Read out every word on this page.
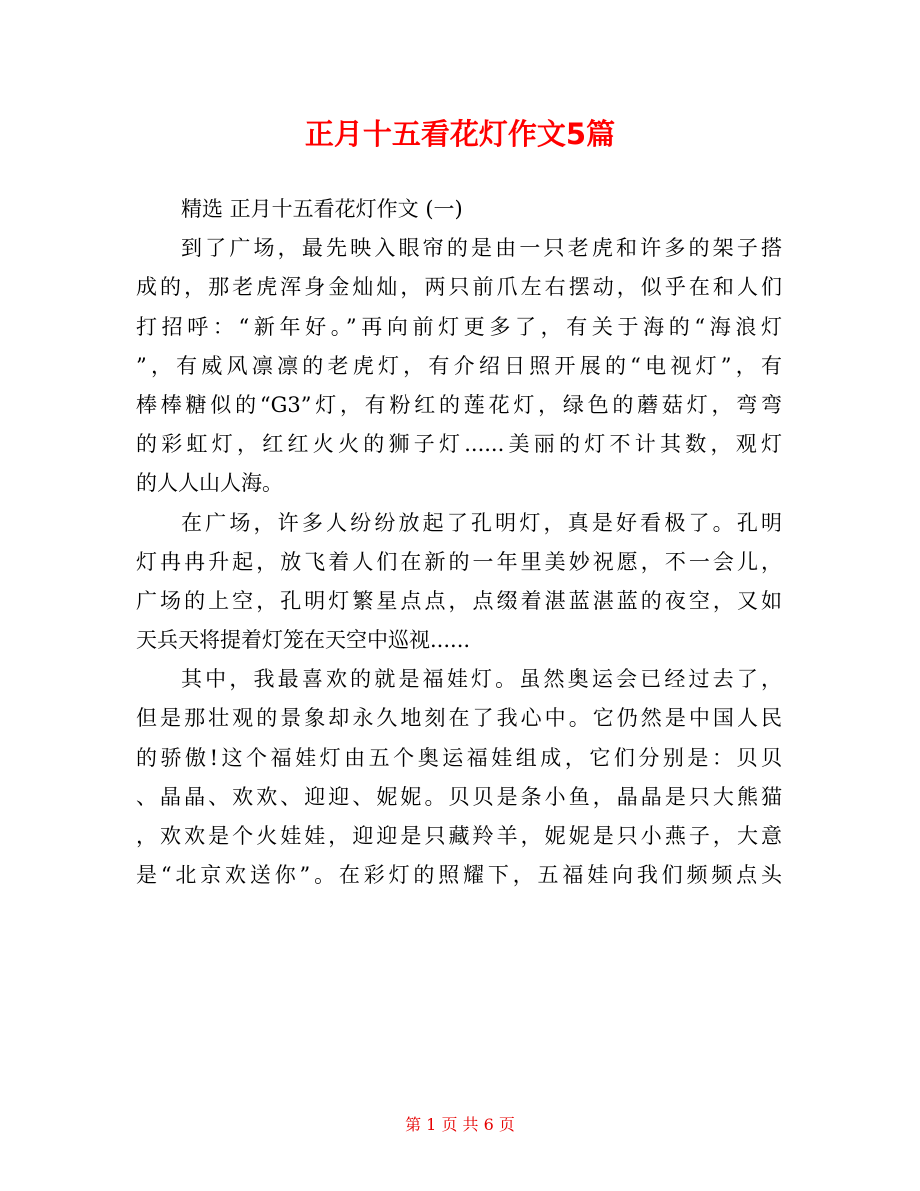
正月十五看花灯作文5篇
精选 正月十五看花灯作文 (一)
到了广场，最先映入眼帘的是由一只老虎和许多的架子搭
成的，那老虎浑身金灿灿，两只前爪左右摆动，似乎在和人们
打招呼：“新年好。”再向前灯更多了，有关于海的“海浪灯
”，有威风凛凛的老虎灯，有介绍日照开展的“电视灯”，有
棒棒糖似的“G3”灯，有粉红的莲花灯，绿色的蘑菇灯，弯弯
的彩虹灯，红红火火的狮子灯......美丽的灯不计其数，观灯
的人人山人海。
在广场，许多人纷纷放起了孔明灯，真是好看极了。孔明
灯冉冉升起，放飞着人们在新的一年里美妙祝愿，不一会儿，
广场的上空，孔明灯繁星点点，点缀着湛蓝湛蓝的夜空，又如
天兵天将提着灯笼在天空中巡视......
其中，我最喜欢的就是福娃灯。虽然奥运会已经过去了，
但是那壮观的景象却永久地刻在了我心中。它仍然是中国人民
的骄傲!这个福娃灯由五个奥运福娃组成，它们分别是：贝贝
、晶晶、欢欢、迎迎、妮妮。贝贝是条小鱼，晶晶是只大熊猫
，欢欢是个火娃娃，迎迎是只藏羚羊，妮妮是只小燕子，大意
是“北京欢送你”。在彩灯的照耀下，五福娃向我们频频点头
第 1 页 共 6 页
